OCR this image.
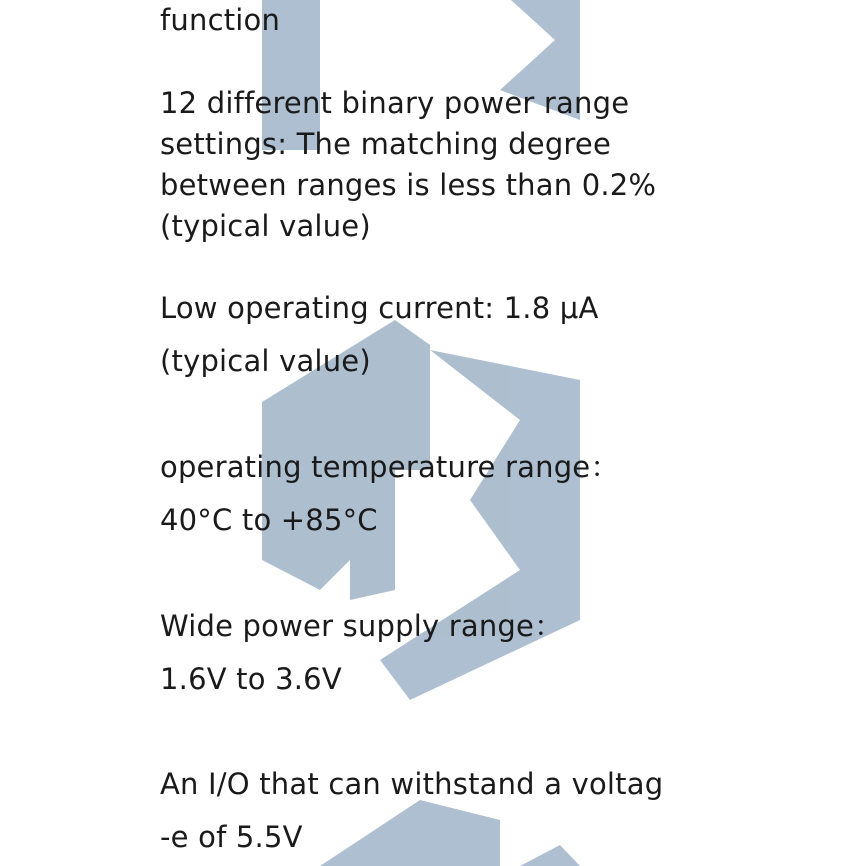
function
12 different binary power range
settings: The matching degree
between ranges is less than 0.2%
(typical value)
Low operating current: 1.8 μA
(typical value)
operating temperature range：
40°C to +85°C
Wide power supply range：
1.6V to 3.6V
An I/O that can withstand a voltag
-e of 5.5V
